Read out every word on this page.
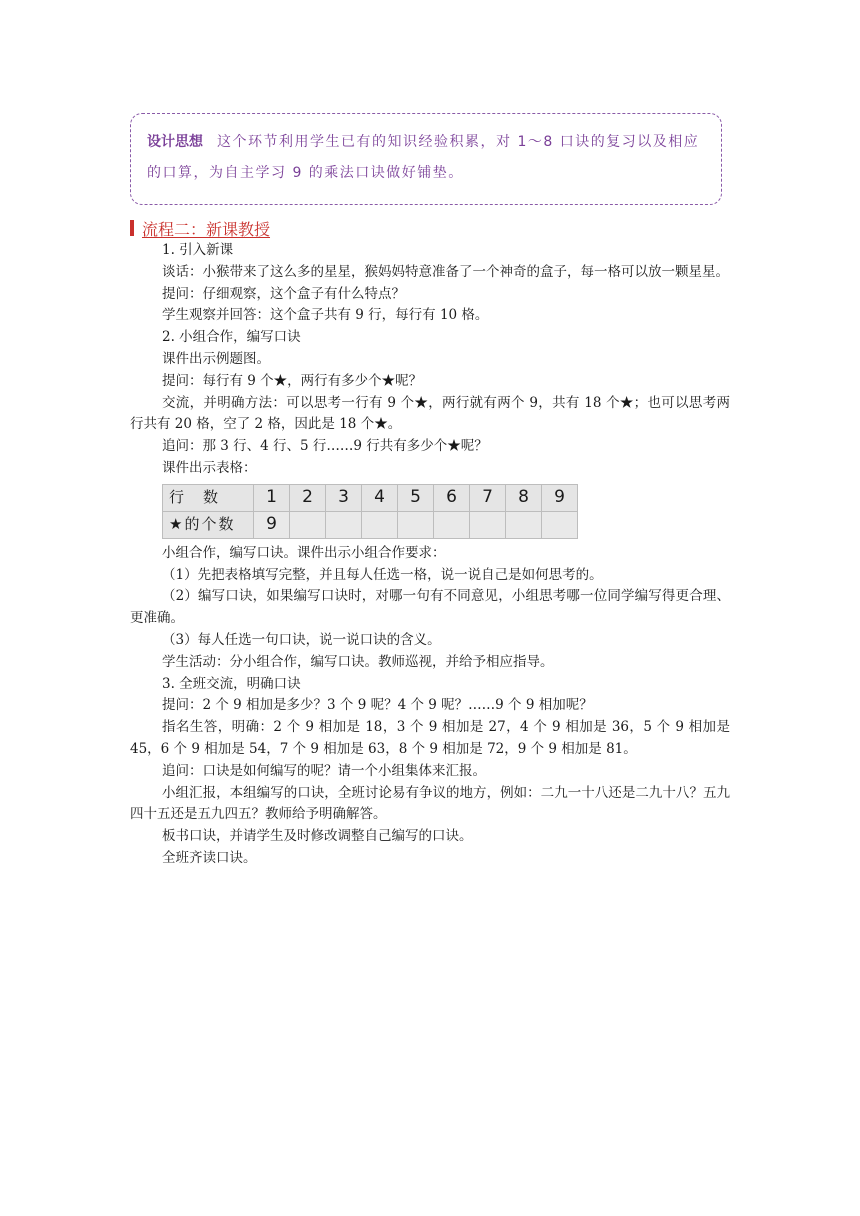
设计思想 这个环节利用学生已有的知识经验积累，对 1～8 口诀的复习以及相应的口算，为自主学习 9 的乘法口诀做好铺垫。
流程二：新课教授

1. 引入新课

谈话：小猴带来了这么多的星星，猴妈妈特意准备了一个神奇的盒子，每一格可以放一颗星星。

提问：仔细观察，这个盒子有什么特点？

学生观察并回答：这个盒子共有 9 行，每行有 10 格。

2. 小组合作，编写口诀

课件出示例题图。

提问：每行有 9 个★，两行有多少个★呢？

交流，并明确方法：可以思考一行有 9 个★，两行就有两个 9，共有 18 个★；也可以思考两行共有 20 格，空了 2 格，因此是 18 个★。

追问：那 3 行、4 行、5 行……9 行共有多少个★呢？

课件出示表格：

行　数	1	2	3	4	5	6	7	8	9
★的个数	9								

小组合作，编写口诀。课件出示小组合作要求：

（1）先把表格填写完整，并且每人任选一格，说一说自己是如何思考的。

（2）编写口诀，如果编写口诀时，对哪一句有不同意见，小组思考哪一位同学编写得更合理、更准确。

（3）每人任选一句口诀，说一说口诀的含义。

学生活动：分小组合作，编写口诀。教师巡视，并给予相应指导。

3. 全班交流，明确口诀

提问：2 个 9 相加是多少？3 个 9 呢？4 个 9 呢？……9 个 9 相加呢？

指名生答，明确：2 个 9 相加是 18，3 个 9 相加是 27，4 个 9 相加是 36，5 个 9 相加是 45，6 个 9 相加是 54，7 个 9 相加是 63，8 个 9 相加是 72，9 个 9 相加是 81。

追问：口诀是如何编写的呢？请一个小组集体来汇报。

小组汇报，本组编写的口诀，全班讨论易有争议的地方，例如：二九一十八还是二九十八？五九四十五还是五九四五？教师给予明确解答。

板书口诀，并请学生及时修改调整自己编写的口诀。

全班齐读口诀。
